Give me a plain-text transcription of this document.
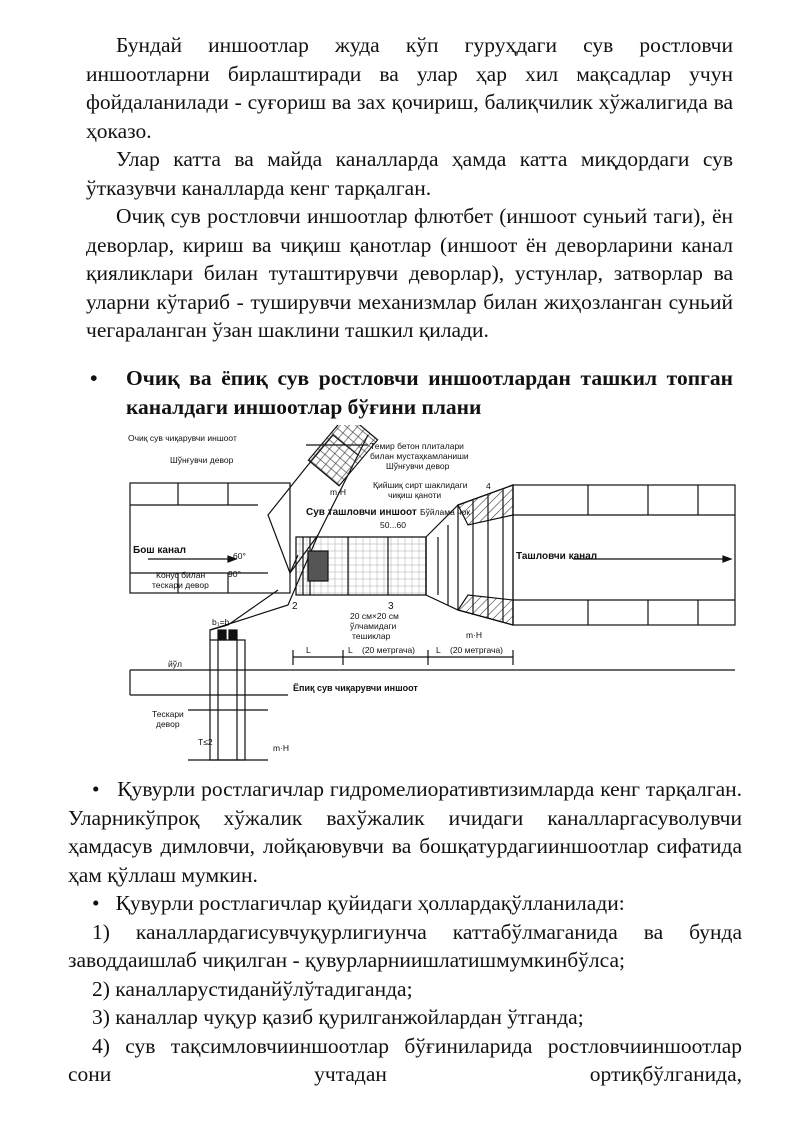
Бундай иншоотлар жуда кўп гуруҳдаги сув ростловчи иншоотларни бирлаштиради ва улар ҳар хил мақсадлар учун фойдаланилади - суғориш ва зах қочириш, балиқчилик хўжалигида ва ҳоказо.

Улар катта ва майда каналларда ҳамда катта миқдордаги сув ўтказувчи каналларда кенг тарқалган.

Очиқ сув ростловчи иншоотлар флютбет (иншоот суньий таги), ён деворлар, кириш ва чиқиш қанотлар (иншоот ён деворларини канал қияликлари билан туташтирувчи деворлар), устунлар, затворлар ва уларни кўтариб - туширувчи механизмлар билан жиҳозланган суньий чегараланган ўзан шаклини ташкил қилади.

• Очиқ ва ёпиқ сув ростловчи иншоотлардан ташкил топган каналдаги иншоотлар бўғини плани
Очиқ сув чиқарувчи иншоот
Шўнғувчи девор
Темир бетон плиталари
билан мустаҳкамланиши
Шўнғувчи девор
m·H
Қийшиқ сирт шаклидаги
чиқиш қаноти
4
Сув ташловчи иншоот Бўйлама чок
50...60
Бош канал
Конус билан
тескари девор
60°
90°
Ташловчи канал
2	3
20 см×20 см
ўлчамидаги
тешиклар	m·H
L	L (20 метргача) L (20 метргача)
йўл
Ёпиқ сув чиқарувчи иншоот
Тескари
девор
b₁=b
T≤2
m·H

• Қувурли ростлагичлар гидромелиоративтизимларда кенг тарқалган. Уларникўпроқ хўжалик вахўжалик ичидаги каналларгасуволувчи ҳамдасув димловчи, лойқаювувчи ва бошқатурдагииншоотлар сифатида ҳам қўллаш мумкин.

• Қувурли ростлагичлар қуйидаги ҳоллардақўлланилади:

1) каналлардагисувчуқурлигиунча каттабўлмаганида ва бунда заводдаишлаб чиқилган - қувурларниишлатишмумкинбўлса;

2) каналларустиданйўлўтадиганда;

3) каналлар чуқур қазиб қурилганжойлардан ўтганда;

4) сув тақсимловчииншоотлар бўғиниларида ростловчииншоотлар сони учтадан ортиқбўлганида,
